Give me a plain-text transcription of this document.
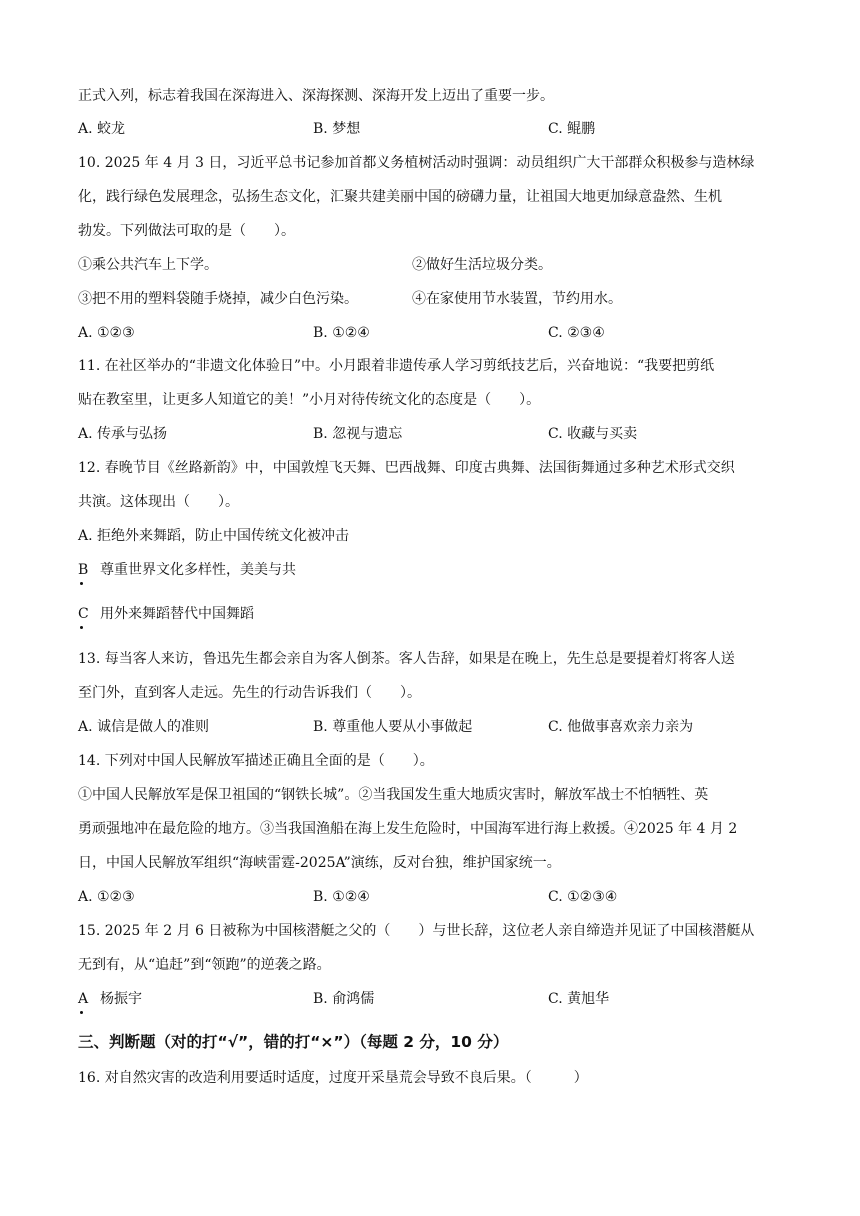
正式入列，标志着我国在深海进入、深海探测、深海开发上迈出了重要一步。
A. 蛟龙	B. 梦想	C. 鲲鹏
10. 2025 年 4 月 3 日，习近平总书记参加首都义务植树活动时强调：动员组织广大干部群众积极参与造林绿
化，践行绿色发展理念，弘扬生态文化，汇聚共建美丽中国的磅礴力量，让祖国大地更加绿意盎然、生机
勃发。下列做法可取的是（　　）。
①乘公共汽车上下学。	②做好生活垃圾分类。
③把不用的塑料袋随手烧掉，减少白色污染。	④在家使用节水装置，节约用水。
A. ①②③	B. ①②④	C. ②③④
11. 在社区举办的“非遗文化体验日”中。小月跟着非遗传承人学习剪纸技艺后，兴奋地说：“我要把剪纸
贴在教室里，让更多人知道它的美！”小月对待传统文化的态度是（　　）。
A. 传承与弘扬	B. 忽视与遗忘	C. 收藏与买卖
12. 春晚节目《丝路新韵》中，中国敦煌飞天舞、巴西战舞、印度古典舞、法国街舞通过多种艺术形式交织
共演。这体现出（　　）。
A. 拒绝外来舞蹈，防止中国传统文化被冲击
B 尊重世界文化多样性，美美与共
C 用外来舞蹈替代中国舞蹈
13. 每当客人来访，鲁迅先生都会亲自为客人倒茶。客人告辞，如果是在晚上，先生总是要提着灯将客人送
至门外，直到客人走远。先生的行动告诉我们（　　）。
A. 诚信是做人的准则	B. 尊重他人要从小事做起	C. 他做事喜欢亲力亲为
14. 下列对中国人民解放军描述正确且全面的是（　　）。
①中国人民解放军是保卫祖国的“钢铁长城”。②当我国发生重大地质灾害时，解放军战士不怕牺牲、英
勇顽强地冲在最危险的地方。③当我国渔船在海上发生危险时，中国海军进行海上救援。④2025 年 4 月 2
日，中国人民解放军组织“海峡雷霆-2025A”演练，反对台独，维护国家统一。
A. ①②③	B. ①②④	C. ①②③④
15. 2025 年 2 月 6 日被称为中国核潜艇之父的（　　）与世长辞，这位老人亲自缔造并见证了中国核潜艇从
无到有，从“追赶”到“领跑”的逆袭之路。
A 杨振宇	B. 俞鸿儒	C. 黄旭华
三、判断题（对的打“√”，错的打“×”）（每题 2 分，10 分）
16. 对自然灾害的改造利用要适时适度，过度开采垦荒会导致不良后果。（　　　）
